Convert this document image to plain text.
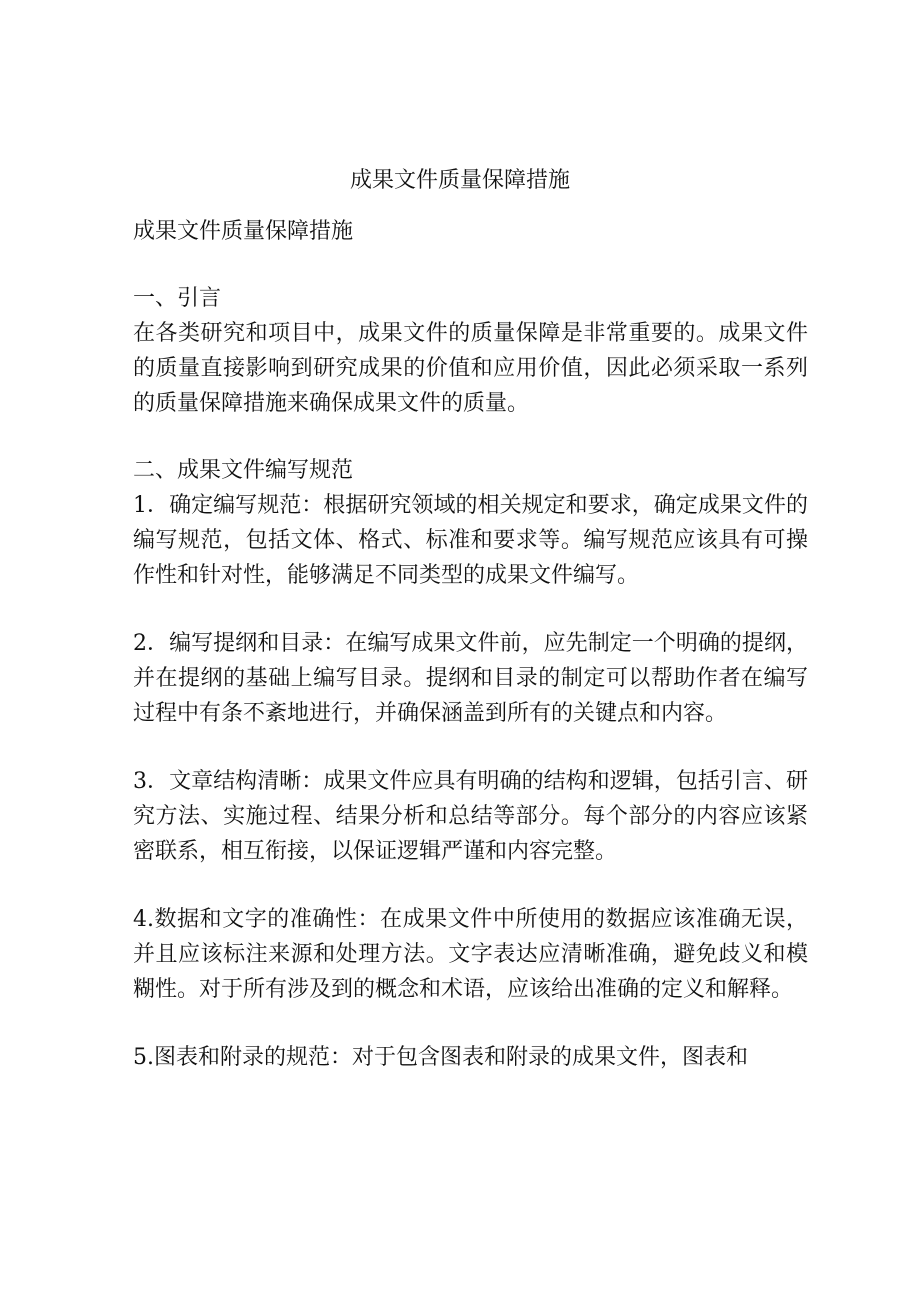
成果文件质量保障措施

成果文件质量保障措施

一、引言

在各类研究和项目中，成果文件的质量保障是非常重要的。成果文件的质量直接影响到研究成果的价值和应用价值，因此必须采取一系列的质量保障措施来确保成果文件的质量。

二、成果文件编写规范

1．确定编写规范：根据研究领域的相关规定和要求，确定成果文件的编写规范，包括文体、格式、标准和要求等。编写规范应该具有可操作性和针对性，能够满足不同类型的成果文件编写。

2．编写提纲和目录：在编写成果文件前，应先制定一个明确的提纲，并在提纲的基础上编写目录。提纲和目录的制定可以帮助作者在编写过程中有条不紊地进行，并确保涵盖到所有的关键点和内容。

3．文章结构清晰：成果文件应具有明确的结构和逻辑，包括引言、研究方法、实施过程、结果分析和总结等部分。每个部分的内容应该紧密联系，相互衔接，以保证逻辑严谨和内容完整。

4.数据和文字的准确性：在成果文件中所使用的数据应该准确无误，并且应该标注来源和处理方法。文字表达应清晰准确，避免歧义和模糊性。对于所有涉及到的概念和术语，应该给出准确的定义和解释。

5.图表和附录的规范：对于包含图表和附录的成果文件，图表和
